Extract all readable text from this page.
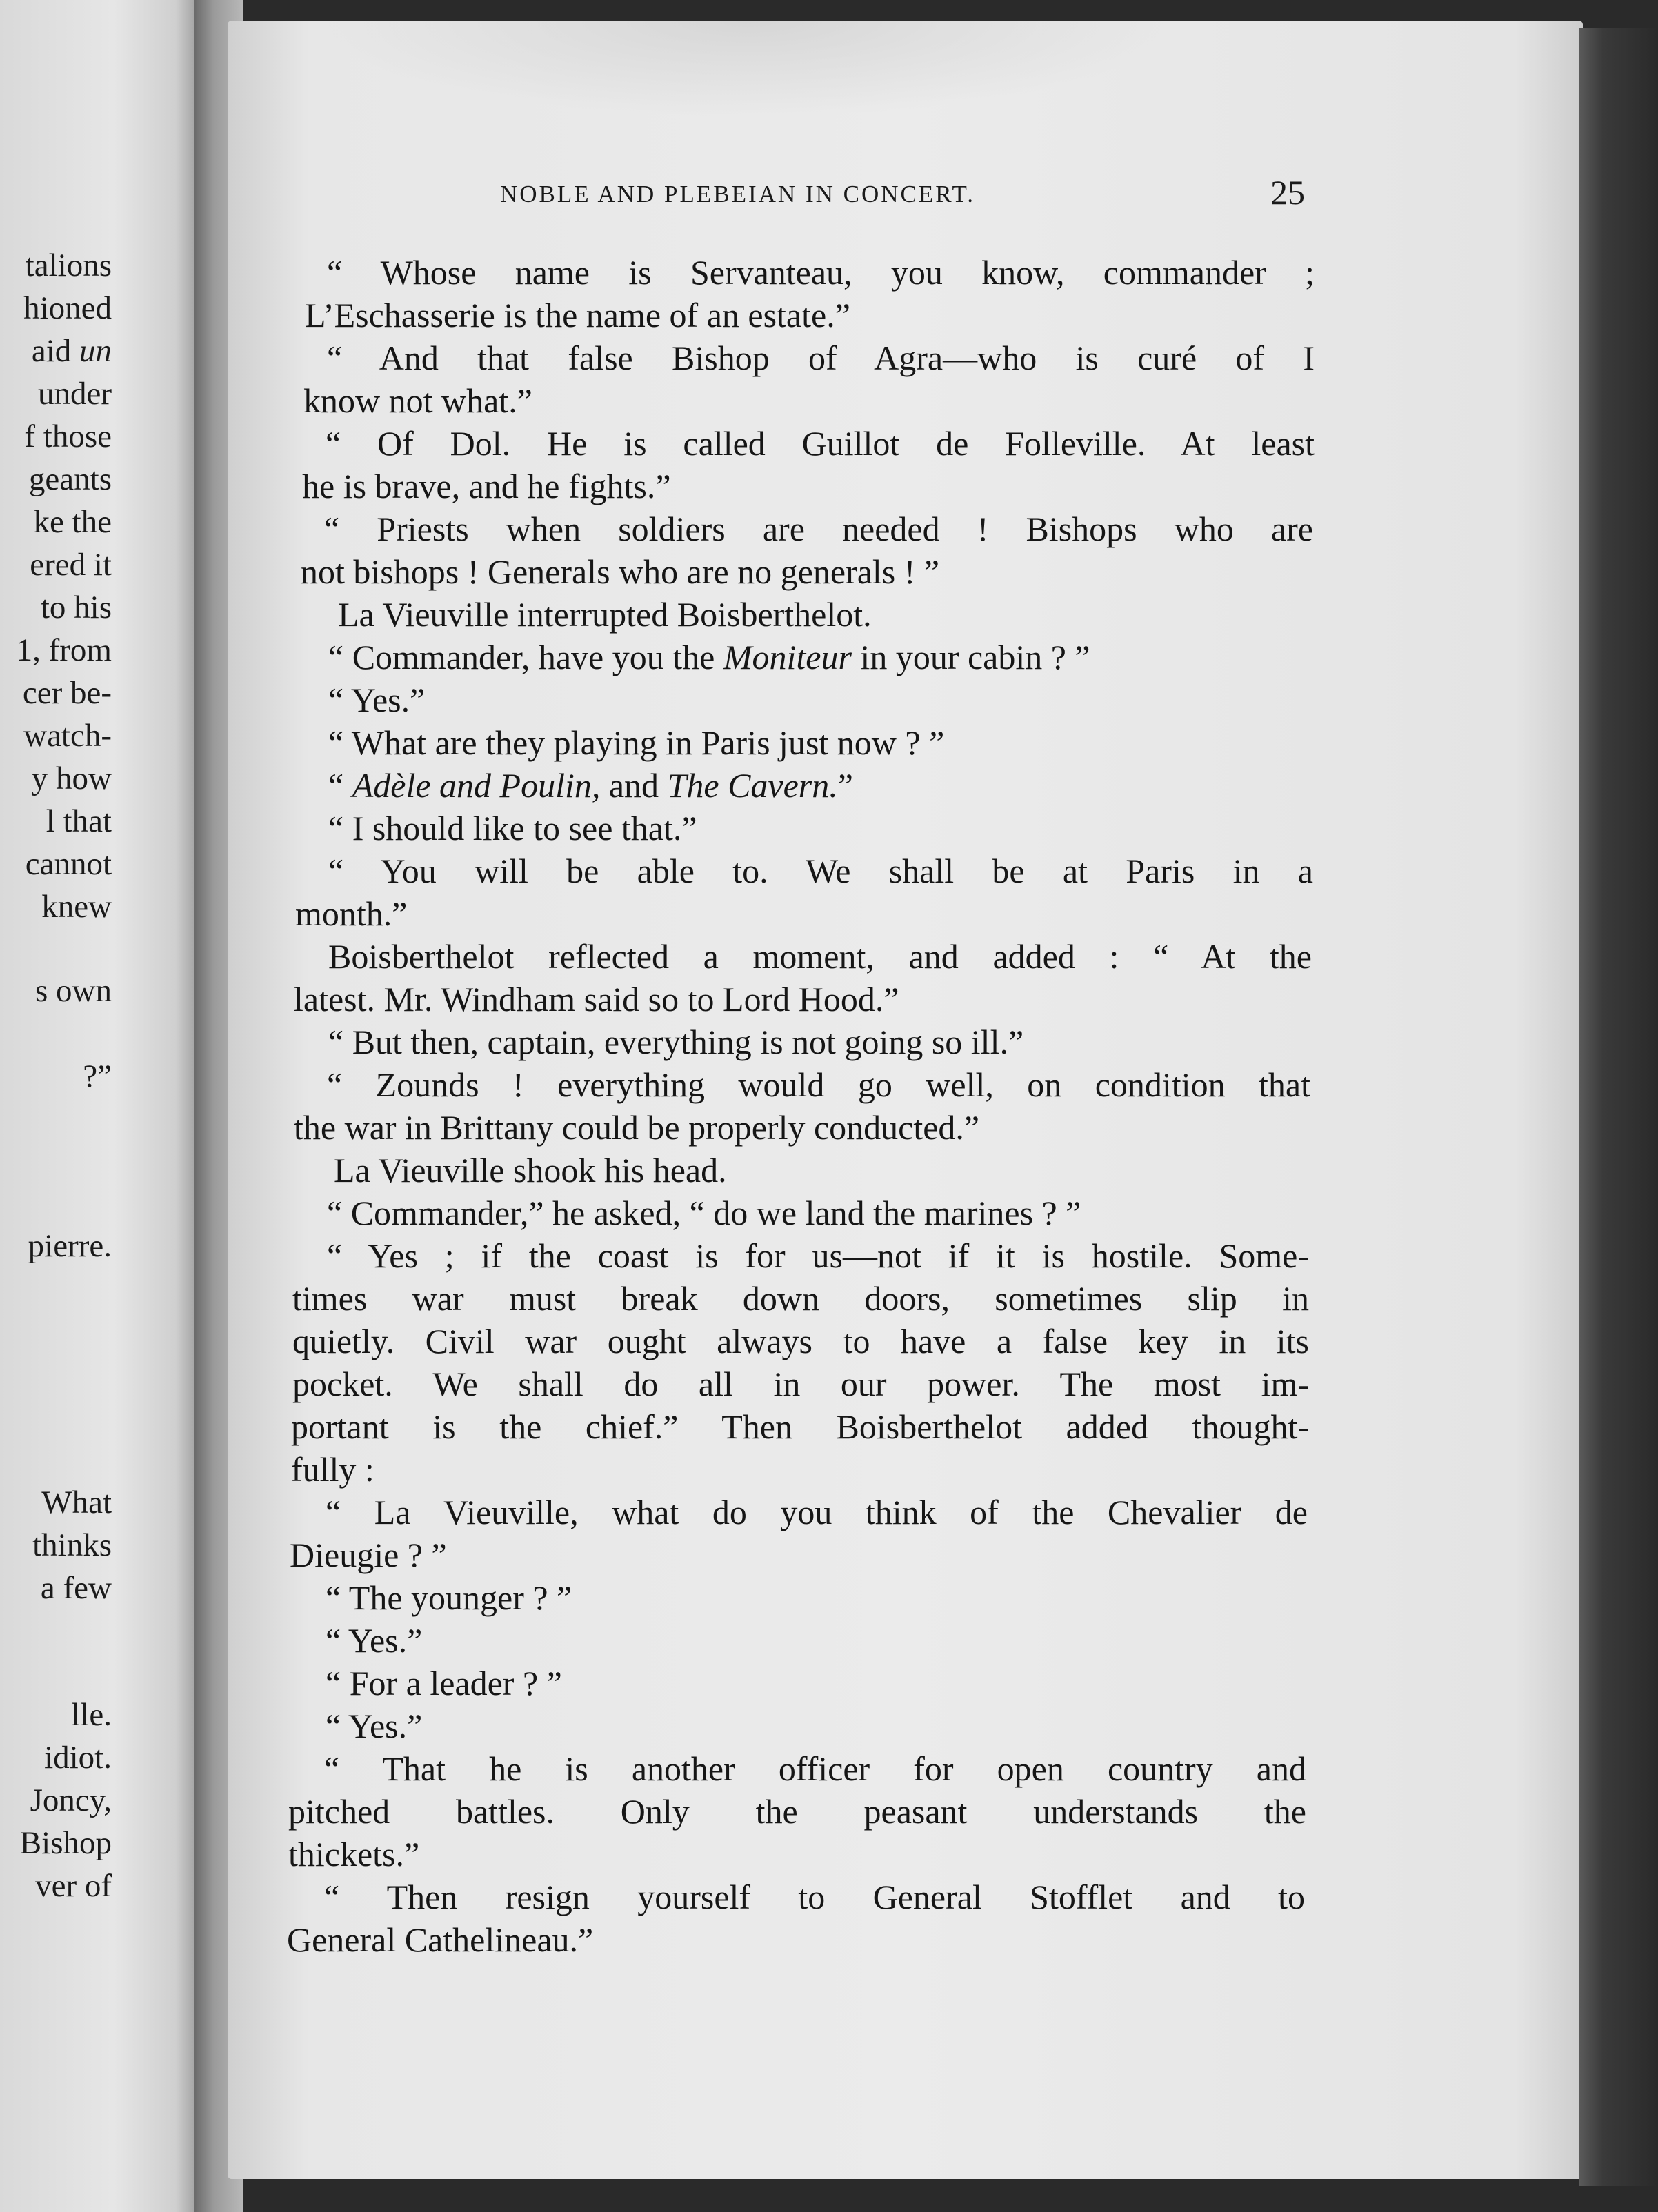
talions
hioned
aid un
under
f those
geants
ke the
ered it
to his
1, from
cer be-
watch-
y how
l that
cannot
knew
s own
?”
pierre.
What
thinks
a few
lle.
idiot.
Joncy,
Bishop
ver of
NOBLE AND PLEBEIAN IN CONCERT.	25
“ Whose name is Servanteau, you know, commander ;
L’Eschasserie is the name of an estate.”
“ And that false Bishop of Agra—who is curé of I
know not what.”
“ Of Dol. He is called Guillot de Folleville. At least
he is brave, and he fights.”
“ Priests when soldiers are needed ! Bishops who are
not bishops ! Generals who are no generals ! ”
La Vieuville interrupted Boisberthelot.
“ Commander, have you the Moniteur in your cabin ? ”
“ Yes.”
“ What are they playing in Paris just now ? ”
“ Adèle and Poulin, and The Cavern.”
“ I should like to see that.”
“ You will be able to. We shall be at Paris in a
month.”
Boisberthelot reflected a moment, and added : “ At the
latest. Mr. Windham said so to Lord Hood.”
“ But then, captain, everything is not going so ill.”
“ Zounds ! everything would go well, on condition that
the war in Brittany could be properly conducted.”
La Vieuville shook his head.
“ Commander,” he asked, “ do we land the marines ? ”
“ Yes ; if the coast is for us—not if it is hostile. Some-
times war must break down doors, sometimes slip in
quietly. Civil war ought always to have a false key in its
pocket. We shall do all in our power. The most im-
portant is the chief.” Then Boisberthelot added thought-
fully :
“ La Vieuville, what do you think of the Chevalier de
Dieugie ? ”
“ The younger ? ”
“ Yes.”
“ For a leader ? ”
“ Yes.”
“ That he is another officer for open country and
pitched battles. Only the peasant understands the
thickets.”
“ Then resign yourself to General Stofflet and to
General Cathelineau.”
